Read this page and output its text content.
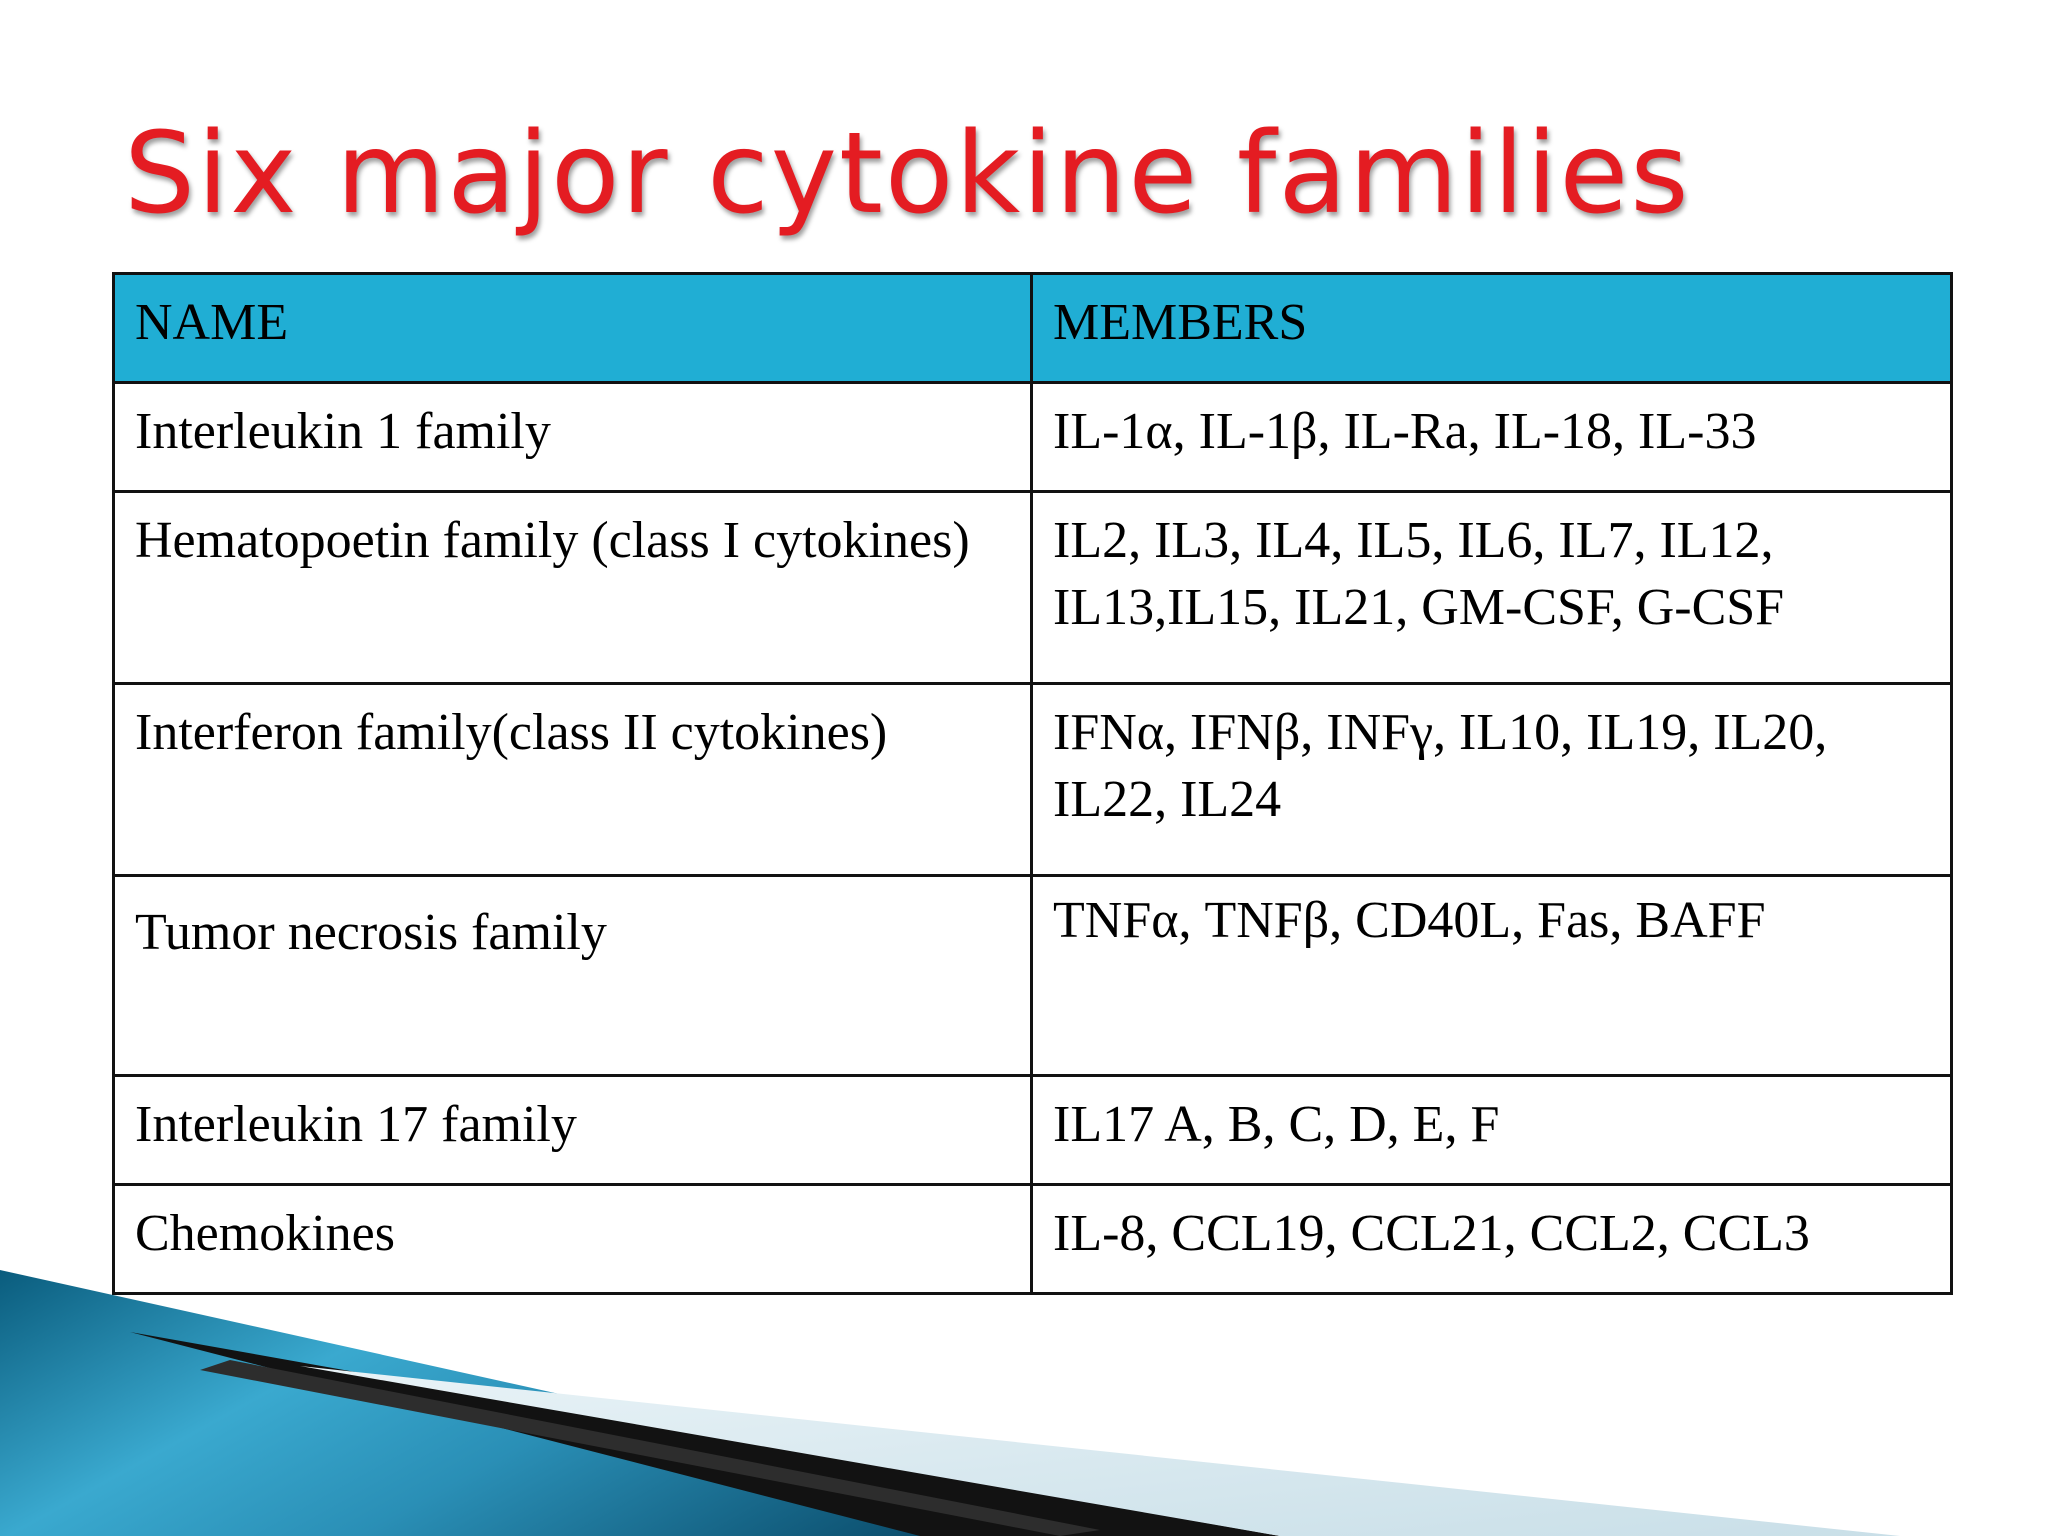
Six major cytokine families
NAME	MEMBERS
Interleukin 1 family	IL-1α, IL-1β, IL-Ra, IL-18, IL-33
Hematopoetin family (class I cytokines)	IL2, IL3, IL4, IL5, IL6, IL7, IL12, IL13,IL15, IL21, GM-CSF, G-CSF
Interferon family(class II cytokines)	IFNα, IFNβ, INFγ, IL10, IL19, IL20, IL22, IL24
Tumor necrosis family	TNFα, TNFβ, CD40L, Fas, BAFF
Interleukin 17 family	IL17 A, B, C, D, E, F
Chemokines	IL-8, CCL19, CCL21, CCL2, CCL3
